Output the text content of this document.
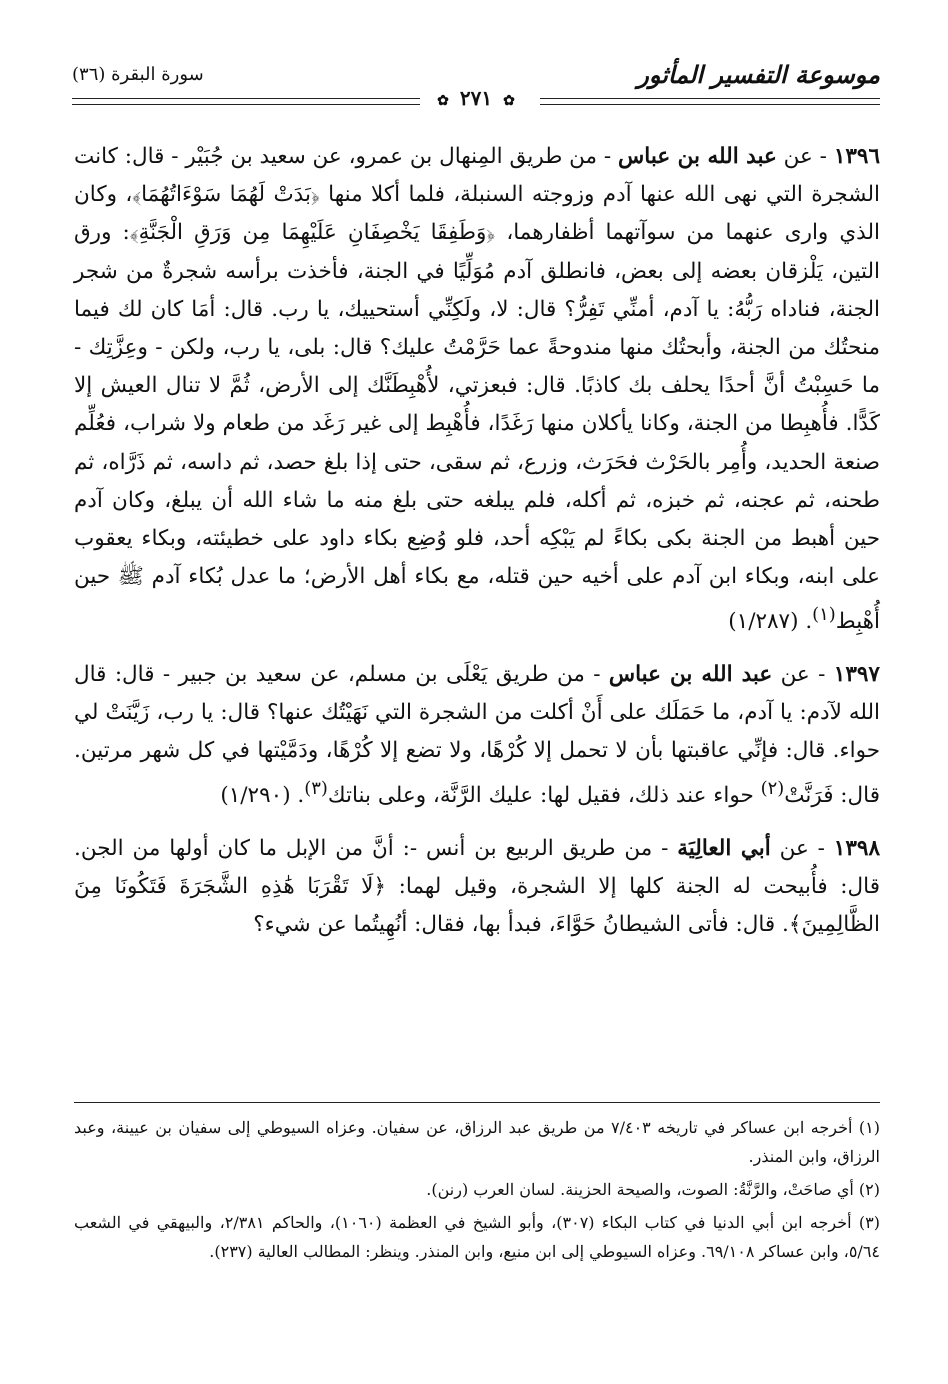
موسوعة التفسير المأثور
سورة البقرة (٣٦)
✿ ٢٧١ ✿

١٣٩٦ - عن عبد الله بن عباس - من طريق المِنهال بن عمرو، عن سعيد بن جُبَيْر - قال: كانت الشجرة التي نهى الله عنها آدم وزوجته السنبلة، فلما أكلا منها ﴿بَدَتْ لَهُمَا سَوْءَاتُهُمَا﴾، وكان الذي وارى عنهما من سوآتهما أظفارهما، ﴿وَطَفِقَا يَخْصِفَانِ عَلَيْهِمَا مِن وَرَقِ الْجَنَّةِ﴾: ورق التين، يَلْزقان بعضه إلى بعض، فانطلق آدم مُوَلِّيًا في الجنة، فأخذت برأسه شجرةٌ من شجر الجنة، فناداه رَبُّهُ: يا آدم، أمنِّي تَفِرُّ؟ قال: لا، ولَكِنِّي أستحييك، يا رب. قال: أمَا كان لك فيما منحتُك من الجنة، وأبحتُك منها مندوحةً عما حَرَّمْتُ عليك؟ قال: بلى، يا رب، ولكن - وعِزَّتِك - ما حَسِبْتُ أنَّ أحدًا يحلف بك كاذبًا. قال: فبعزتي، لأُهْبِطَنَّك إلى الأرض، ثُمَّ لا تنال العيش إلا كَدًّا. فأُهبِطا من الجنة، وكانا يأكلان منها رَغَدًا، فأُهْبِط إلى غير رَغَد من طعام ولا شراب، فعُلِّم صنعة الحديد، وأُمِر بالحَرْث فحَرَث، وزرع، ثم سقى، حتى إذا بلغ حصد، ثم داسه، ثم ذَرَّاه، ثم طحنه، ثم عجنه، ثم خبزه، ثم أكله، فلم يبلغه حتى بلغ منه ما شاء الله أن يبلغ، وكان آدم حين أهبط من الجنة بكى بكاءً لم يَبْكِه أحد، فلو وُضِع بكاء داود على خطيئته، وبكاء يعقوب على ابنه، وبكاء ابن آدم على أخيه حين قتله، مع بكاء أهل الأرض؛ ما عدل بُكاء آدم ﷺ حين أُهْبِط$^{(١)}$. (١/٢٨٧)

١٣٩٧ - عن عبد الله بن عباس - من طريق يَعْلَى بن مسلم، عن سعيد بن جبير - قال: قال الله لآدم: يا آدم، ما حَمَلَك على أَنْ أكلت من الشجرة التي نَهَيْتُك عنها؟ قال: يا رب، زَيَّنَتْ لي حواء. قال: فإنِّي عاقبتها بأن لا تحمل إلا كُرْهًا، ولا تضع إلا كُرْهًا، ودَمَّيْتها في كل شهر مرتين. قال: فَرَنَّتْ$^{(٢)}$ حواء عند ذلك، فقيل لها: عليك الرَّنَّة، وعلى بناتك$^{(٣)}$. (١/٢٩٠)

١٣٩٨ - عن أبي العالِيَة - من طريق الربيع بن أنس -: أنَّ من الإبل ما كان أولها من الجن. قال: فأُبيحت له الجنة كلها إلا الشجرة، وقيل لهما: ﴿لَا تَقْرَبَا هَٰذِهِ الشَّجَرَةَ فَتَكُونَا مِنَ الظَّالِمِينَ﴾. قال: فأتى الشيطانُ حَوَّاءَ، فبدأ بها، فقال: أنُهِيتُما عن شيء؟

(١) أخرجه ابن عساكر في تاريخه ٧/٤٠٣ من طريق عبد الرزاق، عن سفيان. وعزاه السيوطي إلى سفيان بن عيينة، وعبد الرزاق، وابن المنذر.

(٢) أي صاحَتْ، والرَّنَّةُ: الصوت، والصيحة الحزينة. لسان العرب (رنن).

(٣) أخرجه ابن أبي الدنيا في كتاب البكاء (٣٠٧)، وأبو الشيخ في العظمة (١٠٦٠)، والحاكم ٢/٣٨١، والبيهقي في الشعب ٥/٦٤، وابن عساكر ٦٩/١٠٨. وعزاه السيوطي إلى ابن منيع، وابن المنذر. وينظر: المطالب العالية (٢٣٧).
